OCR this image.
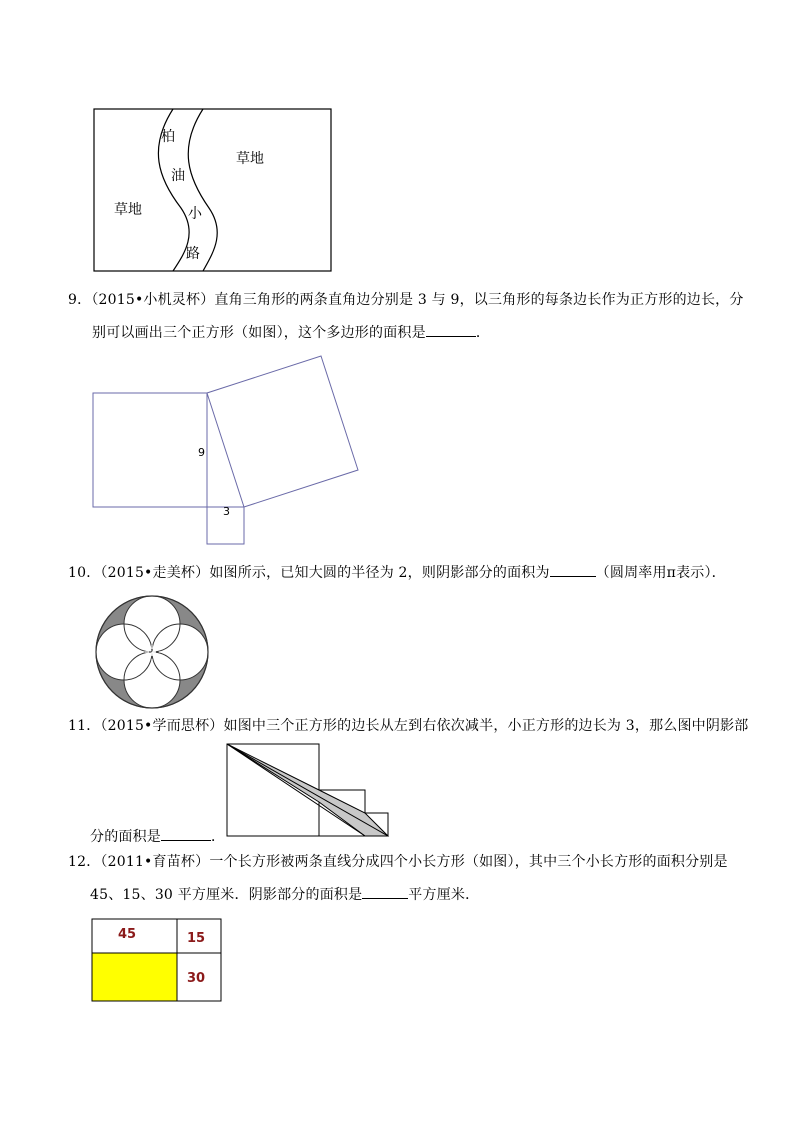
柏
油
小
路
草地
草地
9．（2015•小机灵杯）直角三角形的两条直角边分别是 3 与 9，以三角形的每条边长作为正方形的边长，分
别可以画出三个正方形（如图），这个多边形的面积是	．
9
3
10．（2015•走美杯）如图所示，已知大圆的半径为 2，则阴影部分的面积为	（圆周率用π表示）．
11．（2015•学而思杯）如图中三个正方形的边长从左到右依次减半，小正方形的边长为 3，那么图中阴影部
分的面积是	．
12．（2011•育苗杯）一个长方形被两条直线分成四个小长方形（如图），其中三个小长方形的面积分别是
45、15、30 平方厘米．阴影部分的面积是	平方厘米．
45	15
30
